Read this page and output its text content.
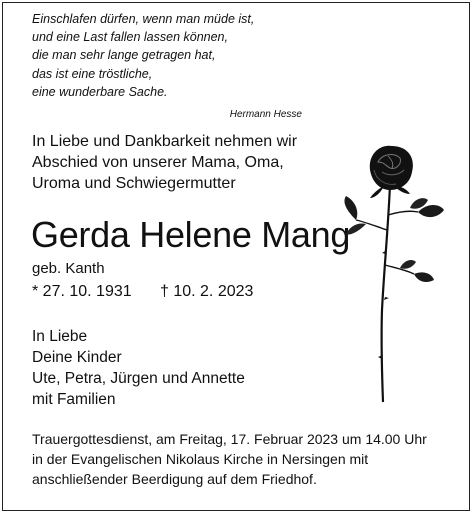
Einschlafen dürfen, wenn man müde ist,
und eine Last fallen lassen können,
die man sehr lange getragen hat,
das ist eine tröstliche,
eine wunderbare Sache.
Hermann Hesse
In Liebe und Dankbarkeit nehmen wir
Abschied von unserer Mama, Oma,
Uroma und Schwiegermutter
Gerda Helene Mang
geb. Kanth
* 27. 10. 1931 † 10. 2. 2023
In Liebe
Deine Kinder
Ute, Petra, Jürgen und Annette
mit Familien
Trauergottesdienst, am Freitag, 17. Februar 2023 um 14.00 Uhr
in der Evangelischen Nikolaus Kirche in Nersingen mit
anschließender Beerdigung auf dem Friedhof.
